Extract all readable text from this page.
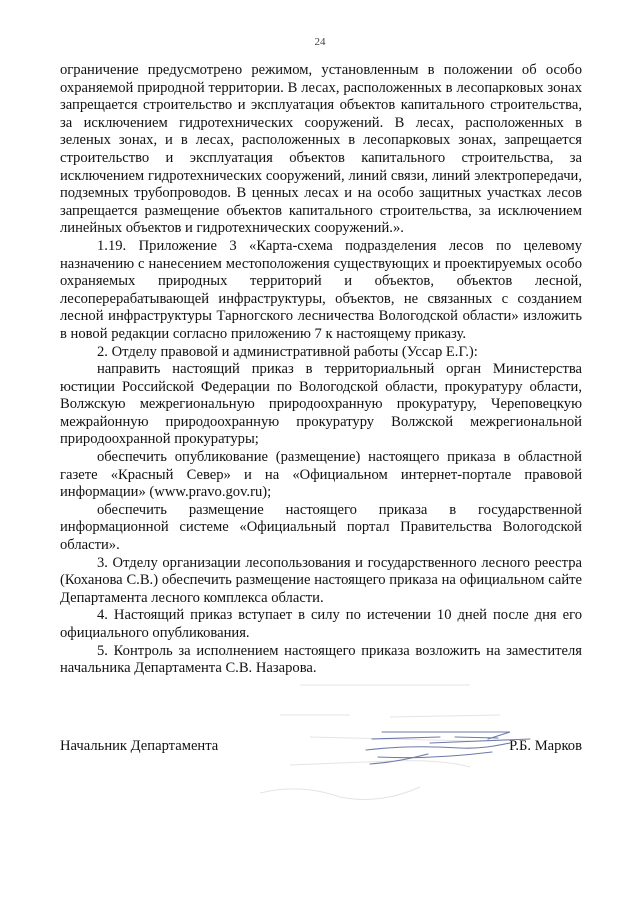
24

ограничение предусмотрено режимом, установленным в положении об особо охраняемой природной территории. В лесах, расположенных в лесопарковых зонах запрещается строительство и эксплуатация объектов капитального строительства, за исключением гидротехнических сооружений. В лесах, расположенных в зеленых зонах, и в лесах, расположенных в лесопарковых зонах, запрещается строительство и эксплуатация объектов капитального строительства, за исключением гидротехнических сооружений, линий связи, линий электропередачи, подземных трубопроводов. В ценных лесах и на особо защитных участках лесов запрещается размещение объектов капитального строительства, за исключением линейных объектов и гидротехнических сооружений.».

1.19. Приложение 3 «Карта-схема подразделения лесов по целевому назначению с нанесением местоположения существующих и проектируемых особо охраняемых природных территорий и объектов, объектов лесной, лесоперерабатывающей инфраструктуры, объектов, не связанных с созданием лесной инфраструктуры Тарногского лесничества Вологодской области» изложить в новой редакции согласно приложению 7 к настоящему приказу.

2. Отделу правовой и административной работы (Уссар Е.Г.):

направить настоящий приказ в территориальный орган Министерства юстиции Российской Федерации по Вологодской области, прокуратуру области, Волжскую межрегиональную природоохранную прокуратуру, Череповецкую межрайонную природоохранную прокуратуру Волжской межрегиональной природоохранной прокуратуры;

обеспечить опубликование (размещение) настоящего приказа в областной газете «Красный Север» и на «Официальном интернет-портале правовой информации» (www.pravo.gov.ru);

обеспечить размещение настоящего приказа в государственной информационной системе «Официальный портал Правительства Вологодской области».

3. Отделу организации лесопользования и государственного лесного реестра (Коханова С.В.) обеспечить размещение настоящего приказа на официальном сайте Департамента лесного комплекса области.

4. Настоящий приказ вступает в силу по истечении 10 дней после дня его официального опубликования.

5. Контроль за исполнением настоящего приказа возложить на заместителя начальника Департамента С.В. Назарова.

Начальник Департамента	Р.Б. Марков
